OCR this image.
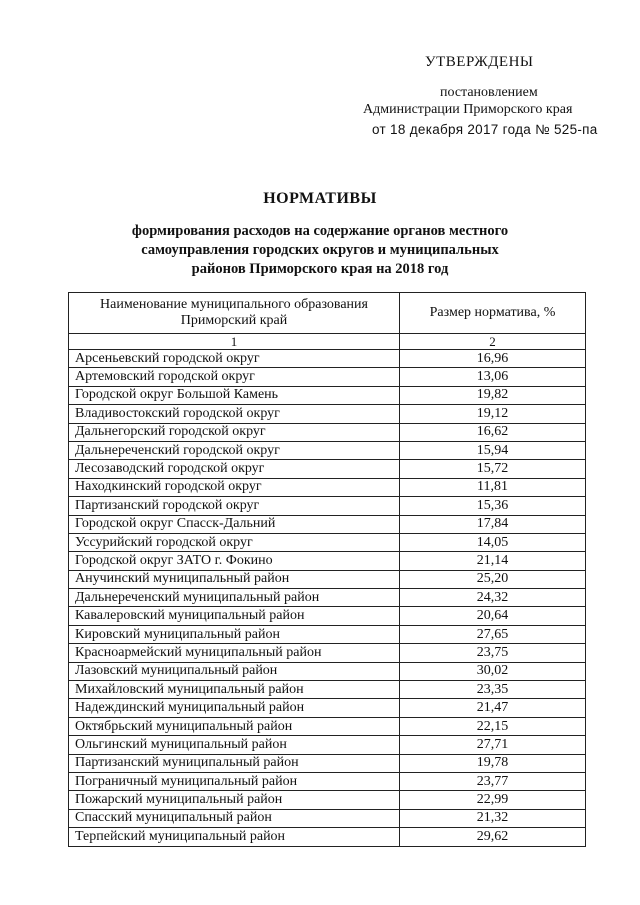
УТВЕРЖДЕНЫ
постановлением
Администрации Приморского края
от 18 декабря 2017 года № 525-па
НОРМАТИВЫ
формирования расходов на содержание органов местного
самоуправления городских округов и муниципальных
районов Приморского края на 2018 год
Наименование муниципального образования
Приморский край	Размер норматива, %
1	2
Арсеньевский городской округ	16,96
Артемовский городской округ	13,06
Городской округ Большой Камень	19,82
Владивостокский городской округ	19,12
Дальнегорский городской округ	16,62
Дальнереченский городской округ	15,94
Лесозаводский городской округ	15,72
Находкинский городской округ	11,81
Партизанский городской округ	15,36
Городской округ Спасск-Дальний	17,84
Уссурийский городской округ	14,05
Городской округ ЗАТО г. Фокино	21,14
Анучинский муниципальный район	25,20
Дальнереченский муниципальный район	24,32
Кавалеровский муниципальный район	20,64
Кировский муниципальный район	27,65
Красноармейский муниципальный район	23,75
Лазовский муниципальный район	30,02
Михайловский муниципальный район	23,35
Надеждинский муниципальный район	21,47
Октябрьский муниципальный район	22,15
Ольгинский муниципальный район	27,71
Партизанский муниципальный район	19,78
Пограничный муниципальный район	23,77
Пожарский муниципальный район	22,99
Спасский муниципальный район	21,32
Терпейский муниципальный район	29,62
